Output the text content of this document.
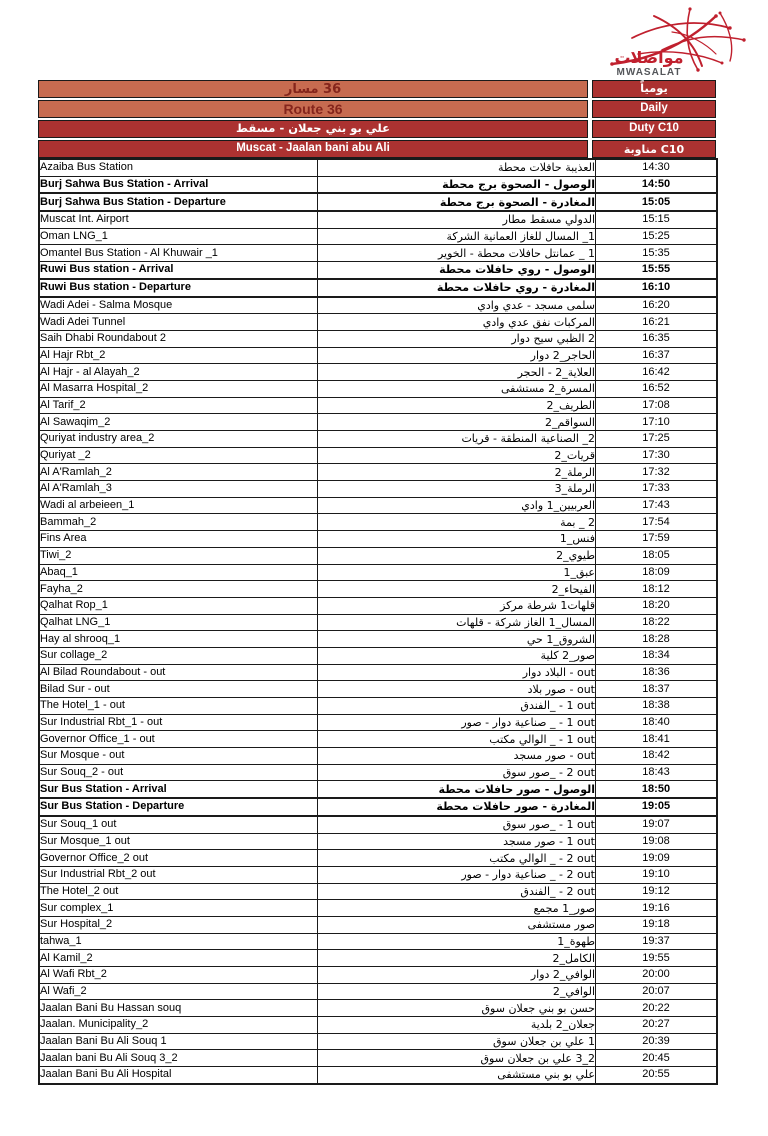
مواصلات
MWASALAT
مسار‎ 36
Route 36
مسقط‎ -‎ جعلان‎ بني‎ بو‎ علي
Muscat - Jaalan bani abu Ali
يومياً
Daily
Duty C10
مناوبة‎ C10
Azaiba Bus Station	محطة‎ حافلات‎ العذيبة	14:30
Burj Sahwa Bus Station - Arrival	محطة‎ برج‎ الصحوة‎ -‎ الوصول	14:50
Burj Sahwa Bus Station - Departure	محطة‎ برج‎ الصحوة‎ -‎ المغادرة	15:05
Muscat Int. Airport	مطار‎ مسقط‎ الدولي	15:15
Oman LNG_1	الشركة‎ العمانية‎ للغاز‎ المسال‎ _1	15:25
Omantel Bus Station - Al Khuwair _1	الخوير‎ -‎ محطة‎ حافلات‎ عمانتل‎ _‎ 1	15:35
Ruwi Bus station - Arrival	محطة‎ حافلات‎ روي‎ -‎ الوصول	15:55
Ruwi Bus station - Departure	محطة‎ حافلات‎ روي‎ -‎ المغادرة	16:10
Wadi Adei - Salma Mosque	وادي‎ عدي‎ -‎ مسجد‎ سلمى	16:20
Wadi Adei Tunnel	وادي‎ عدي‎ نفق‎ المركبات	16:21
Saih Dhabi Roundabout 2	دوار‎ سيح‎ الظبي‎ 2	16:35
Al Hajr Rbt_2	دوار‎ الحاجر_2	16:37
Al Hajr - al Alayah_2	الحجر‎ -‎ العلاية_2	16:42
Al Masarra Hospital_2	مستشفى‎ المسرة_2	16:52
Al Tarif_2	الطريف_2	17:08
Al Sawaqim_2	السواقم_2	17:10
Quriyat industry area_2	قريات‎ -‎ المنطقة‎ الصناعية‎ _2	17:25
Quriyat _2	قريات_2	17:30
Al A'Ramlah_2	الرملة_2	17:32
Al A'Ramlah_3	الرملة_3	17:33
Wadi al arbeieen_1	وادي‎ العربيين_1	17:43
Bammah_2	بمة‎ _‎ 2	17:54
Fins Area	فنس_1	17:59
Tiwi_2	طيوي_2	18:05
Abaq_1	عبق_1	18:09
Fayha_2	الفيحاء_2	18:12
Qalhat Rop_1	مركز‎ شرطة‎ قلهات1	18:20
Qalhat LNG_1	قلهات‎ -‎ شركة‎ الغاز‎ المسال_1	18:22
Hay al shrooq_1	حي‎ الشروق_1	18:28
Sur collage_2	كلية‎ صور_2	18:34
Al Bilad Roundabout - out	دوار‎ البلاد‎ -‎ out	18:36
Bilad Sur - out	بلاد‎ صور‎ -‎ out	18:37
The Hotel_1 - out	الفندق_‎ -‎ 1‎ out	18:38
Sur Industrial Rbt_1 - out	صور‎ -‎ دوار‎ صناعية‎ _‎ -‎ 1‎ out	18:40
Governor Office_1 - out	مكتب‎ الوالي‎ _‎ -‎ 1‎ out	18:41
Sur Mosque - out	مسجد‎ صور‎ -‎ out	18:42
Sur Souq_2 - out	سوق‎ صور_‎ -‎ 2‎ out	18:43
Sur Bus Station - Arrival	محطة‎ حافلات‎ صور‎ -‎ الوصول	18:50
Sur Bus Station - Departure	محطة‎ حافلات‎ صور‎ -‎ المغادرة	19:05
Sur Souq_1 out	سوق‎ صور_‎ -‎ 1‎ out	19:07
Sur Mosque_1 out	مسجد‎ صور‎ -‎ 1‎ out	19:08
Governor Office_2 out	مكتب‎ الوالي‎ _‎ -‎ 2‎ out	19:09
Sur Industrial Rbt_2 out	صور‎ -‎ دوار‎ صناعية‎ _‎ -‎ 2‎ out	19:10
The Hotel_2 out	الفندق_‎ -‎ 2‎ out	19:12
Sur complex_1	مجمع‎ صور_1	19:16
Sur Hospital_2	مستشفى‎ صور	19:18
tahwa_1	طهوة_1	19:37
Al Kamil_2	الكامل_2	19:55
Al Wafi Rbt_2	دوار‎ الوافي_2	20:00
Al Wafi_2	الوافي_2	20:07
Jaalan Bani Bu Hassan souq	سوق‎ جعلان‎ بني‎ بو‎ حسن	20:22
Jaalan. Municipality_2	بلدية‎ جعلان_2	20:27
Jaalan Bani Bu Ali Souq 1	سوق‎ جعلان‎ بن‎ علي‎ 1	20:39
Jaalan bani Bu Ali Souq 3_2	سوق‎ جعلان‎ بن‎ علي‎ 3_2	20:45
Jaalan Bani Bu Ali Hospital	مستشفى‎ بني‎ بو‎ علي	20:55
